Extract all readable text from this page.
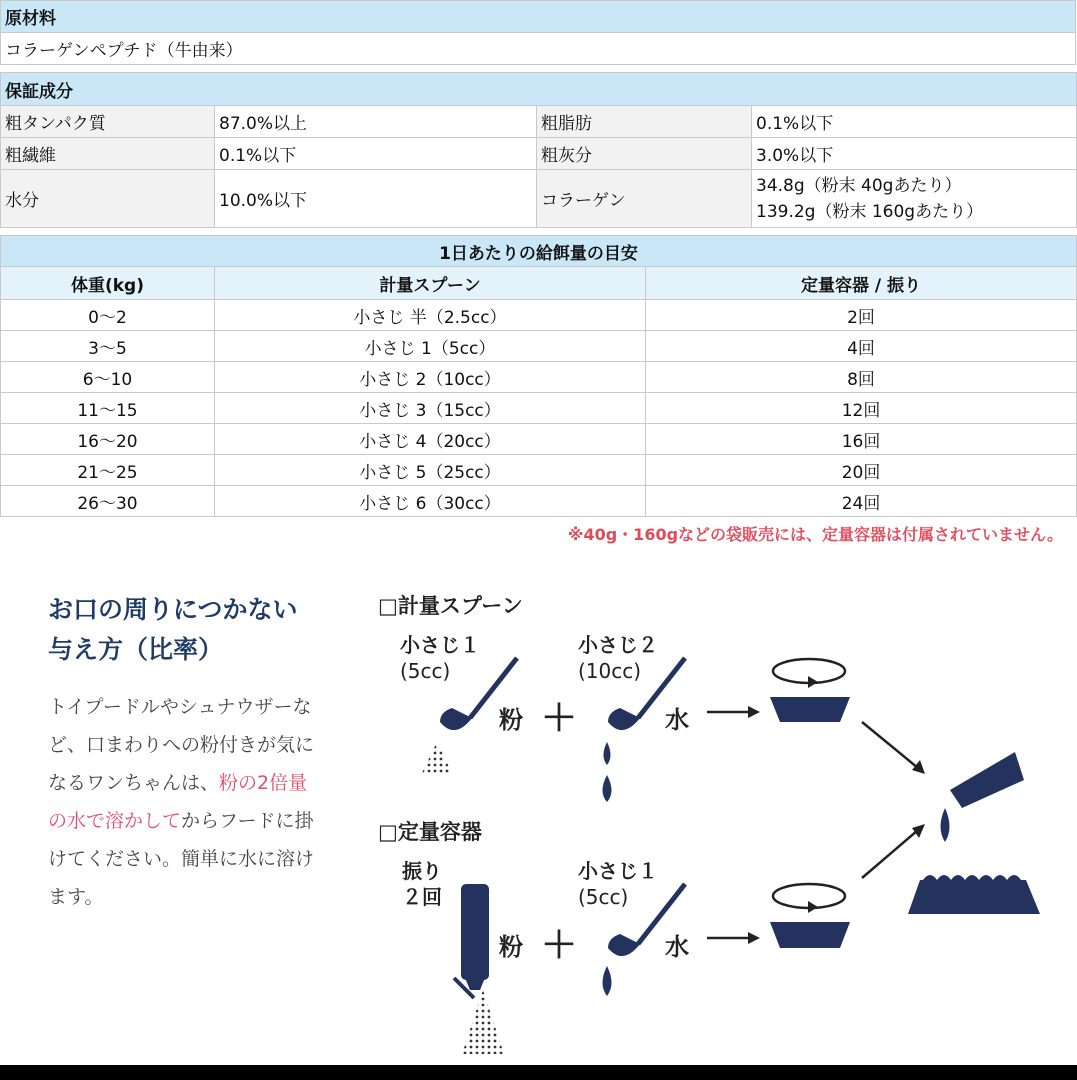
原材料
コラーゲンペプチド（牛由来）
保証成分			
粗タンパク質	87.0%以上	粗脂肪	0.1%以下
粗繊維	0.1%以下	粗灰分	3.0%以下
水分	10.0%以下	コラーゲン	34.8g（粉末 40gあたり）
139.2g（粉末 160gあたり）
1日あたりの給餌量の目安		
体重(kg)	計量スプーン	定量容器 / 振り
0〜2	小さじ 半（2.5cc）	2回
3〜5	小さじ 1（5cc）	4回
6〜10	小さじ 2（10cc）	8回
11〜15	小さじ 3（15cc）	12回
16〜20	小さじ 4（20cc）	16回
21〜25	小さじ 5（25cc）	20回
26〜30	小さじ 6（30cc）	24回
※40g・160gなどの袋販売には、定量容器は付属されていません。
お口の周りにつかない
与え方（比率）
トイプードルやシュナウザーなど、口まわりへの粉付きが気になるワンちゃんは、粉の2倍量の水で溶かしてからフードに掛けてください。簡単に水に溶けます。
□計量スプーン
□定量容器
小さじ１
(5cc)
小さじ２
(10cc)
粉 ＋	水
振り
２回
小さじ１
(5cc)
粉 ＋	水
